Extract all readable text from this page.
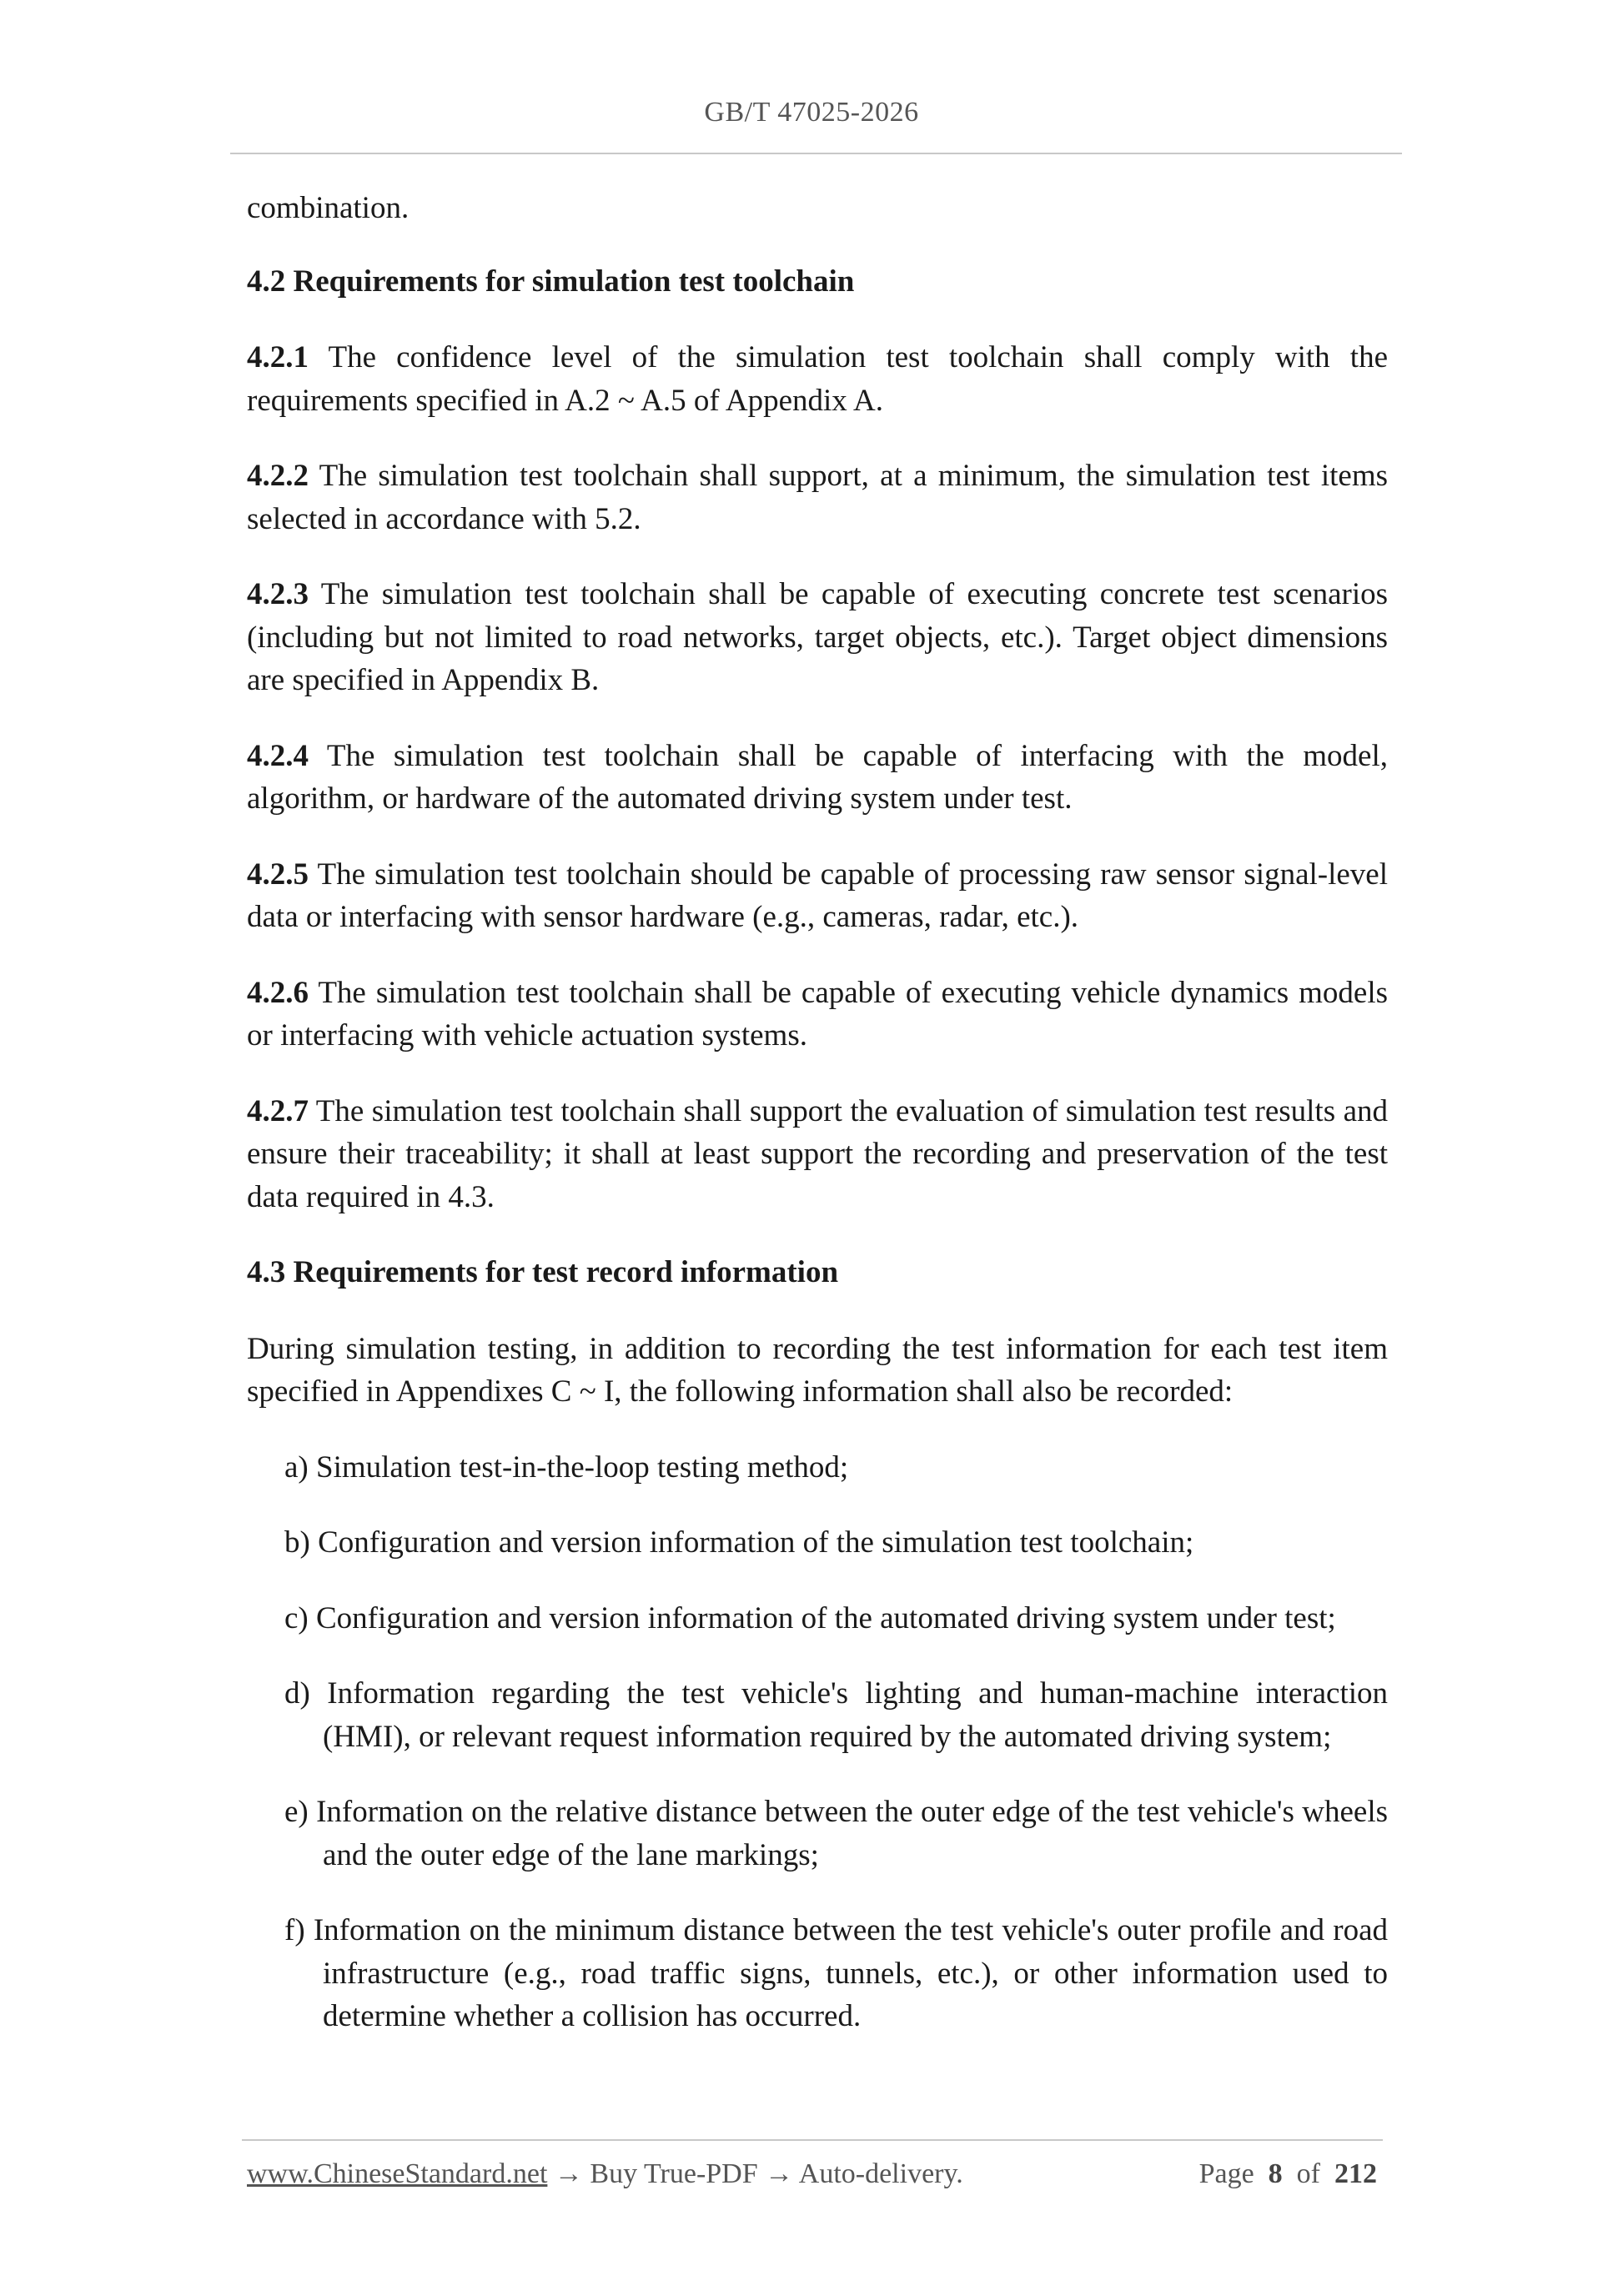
GB/T 47025-2026

combination.

4.2 Requirements for simulation test toolchain

4.2.1 The confidence level of the simulation test toolchain shall comply with the requirements specified in A.2 ~ A.5 of Appendix A.

4.2.2 The simulation test toolchain shall support, at a minimum, the simulation test items selected in accordance with 5.2.

4.2.3 The simulation test toolchain shall be capable of executing concrete test scenarios (including but not limited to road networks, target objects, etc.). Target object dimensions are specified in Appendix B.

4.2.4 The simulation test toolchain shall be capable of interfacing with the model, algorithm, or hardware of the automated driving system under test.

4.2.5 The simulation test toolchain should be capable of processing raw sensor signal-level data or interfacing with sensor hardware (e.g., cameras, radar, etc.).

4.2.6 The simulation test toolchain shall be capable of executing vehicle dynamics models or interfacing with vehicle actuation systems.

4.2.7 The simulation test toolchain shall support the evaluation of simulation test results and ensure their traceability; it shall at least support the recording and preservation of the test data required in 4.3.

4.3 Requirements for test record information

During simulation testing, in addition to recording the test information for each test item specified in Appendixes C ~ I, the following information shall also be recorded:

a) Simulation test-in-the-loop testing method;
b) Configuration and version information of the simulation test toolchain;
c) Configuration and version information of the automated driving system under test;
d) Information regarding the test vehicle's lighting and human-machine interaction (HMI), or relevant request information required by the automated driving system;
e) Information on the relative distance between the outer edge of the test vehicle's wheels and the outer edge of the lane markings;
f) Information on the minimum distance between the test vehicle's outer profile and road infrastructure (e.g., road traffic signs, tunnels, etc.), or other information used to determine whether a collision has occurred.
www.ChineseStandard.net → Buy True-PDF → Auto-delivery.	Page 8 of 212
